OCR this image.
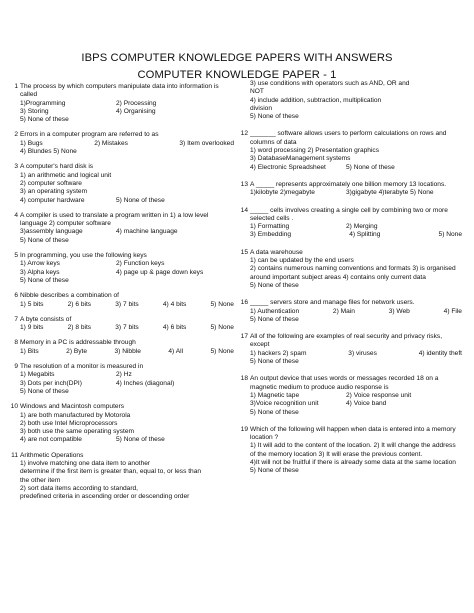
IBPS COMPUTER KNOWLEDGE PAPERS WITH ANSWERS
COMPUTER KNOWLEDGE PAPER - 1
1 The process by which computers manipulate data into information is called
1)Programming	2) Processing
3) Storing	4) Organising
5) None of these
2 Errors in a computer program are referred to as
1) Bugs	2) Mistakes	3) Item overlooked
4) Blundes 5) None
3 A computer's hard disk is
1) an arithmetic and logical unit
2) computer software
3) an operating system
4) computer hardware	5) None of these
4 A compiler is used to translate a program written in 1) a low level language 2) computer software
3)assembly language	4) machine language
5) None of these
5 In programming, you use the following keys
1) Arrow keys	2) Function keys
3) Alpha keys	4) page up & page down keys
5) None of these
6 Nibble describes a combination of
1) 5 bits	2) 6 bits	3) 7 bits	4) 4 bits	5) None
7 A byte consists of
1) 9 bits	2) 8 bits	3) 7 bits	4) 6 bits	5) None
8 Memory in a PC is addressable through
1) Bits	2) Byte	3) Nibble	4) All	5) None
9 The resolution of a monitor is measured in
1) Megabits	2) Hz
3) Dots per inch(DPI)	4) Inches (diagonal)
5) None of these
10 Windows and Macintosh computers
1) are both manufactured by Motorola
2) both use Intel Microprocessors
3) both use the same operating system
4) are not compatible	5) None of these
11 Arithmetic Operations
1) involve matching one data item to another
determine if the first item is greater than, equal to, or less than
the other item
2) sort data items according to standard,
predefined criteria in ascending order or descending order
3) use conditions with operators such as AND, OR and
NOT
4) include addition, subtraction, multiplication
division
5) None of these
12 _______ software allows users to perform calculations on rows and columns of data
1) word processing 2) Presentation graphics
3) DatabaseManagement systems
4) Electronic Spreadsheet	5) None of these
13 A _____ represents approximately one billion memory 13 locations.
1)kilobyte 2)megabyte	3)gigabyte 4)terabyte 5) None
14 _____ cells involves creating a single cell by combining two or more selected cells .
1) Formatting	2) Merging
3) Embedding	4) Splitting	5) None
15 A data warehouse
1) can be updated by the end users
2) contains numerous naming conventions and formats 3) is organised around important subject areas 4) contains only current data
5) None of these
16 _____ servers store and manage files for network users.
1) Authentication	2) Main	3) Web	4) File
5) None of these
17 All of the following are examples of real security and privacy risks, except
1) hackers 2) spam	3) viruses	4) identity theft
5) None of these
18 An output device that uses words or messages recorded 18 on a magnetic medium to produce audio response is
1) Magnetic tape	2) Voice response unit
3)Voice recognition unit	4) Voice band
5) None of these
19 Which of the following will happen when data is entered into a memory location ?
1) It will add to the content of the location. 2) It will change the address of the memory location 3) It will erase the previous content.
4)It will not be fruitful if there is already some data at the same location
5) None of these
